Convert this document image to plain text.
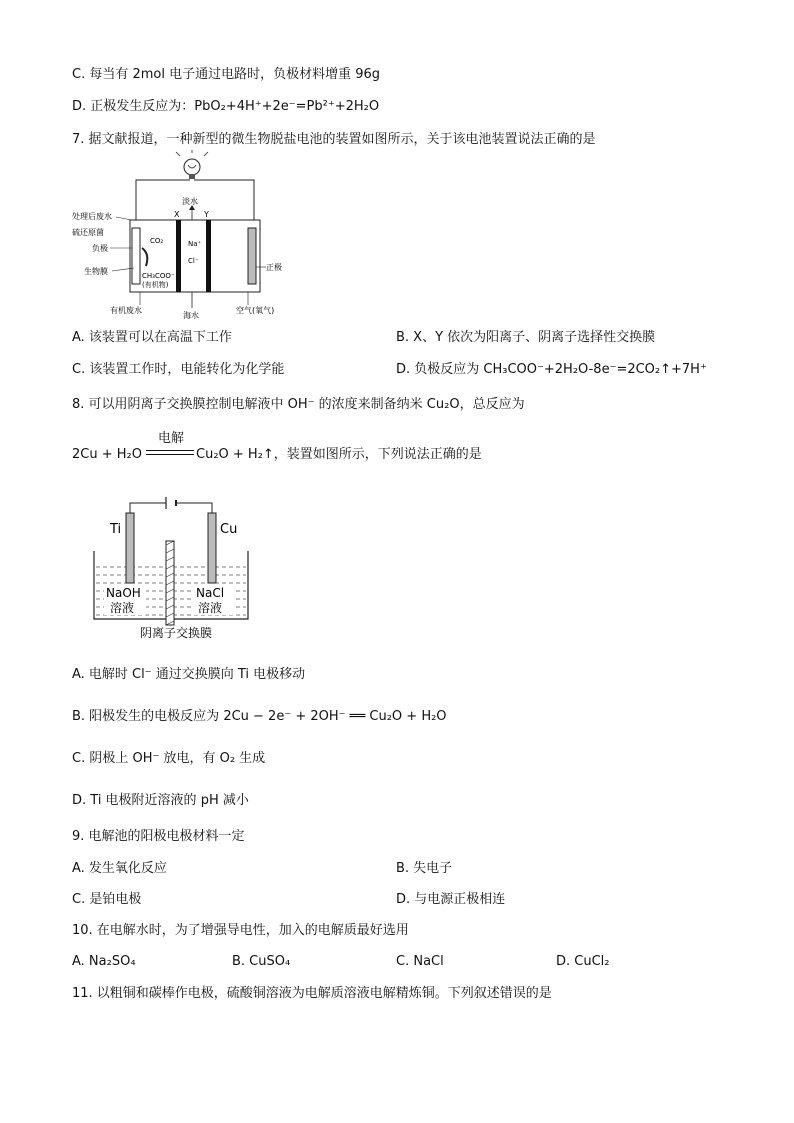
C. 每当有 2mol 电子通过电路时，负极材料增重 96g
D. 正极发生反应为：PbO₂+4H⁺+2e⁻=Pb²⁺+2H₂O
7. 据文献报道，一种新型的微生物脱盐电池的装置如图所示，关于该电池装置说法正确的是
处理后废水
硫还原菌
负极
生物膜
CO₂
CH₃COO⁻
(有机物)
淡水
X	Y
Na⁺
Cl⁻
正极
有机废水
海水
空气(氧气)
A. 该装置可以在高温下工作	B. X、Y 依次为阳离子、阴离子选择性交换膜
C. 该装置工作时，电能转化为化学能	D. 负极反应为 CH₃COO⁻+2H₂O-8e⁻=2CO₂↑+7H⁺
8. 可以用阴离子交换膜控制电解液中 OH⁻ 的浓度来制备纳米 Cu₂O，总反应为
2Cu + H₂O
电解
Cu₂O + H₂↑，装置如图所示，下列说法正确的是
Ti	Cu
NaOH
溶液
NaCl
溶液
阴离子交换膜
A. 电解时 Cl⁻ 通过交换膜向 Ti 电极移动
B. 阳极发生的电极反应为 2Cu − 2e⁻ + 2OH⁻ ══ Cu₂O + H₂O
C. 阴极上 OH⁻ 放电，有 O₂ 生成
D. Ti 电极附近溶液的 pH 减小
9. 电解池的阳极电极材料一定
A. 发生氧化反应	B. 失电子
C. 是铂电极	D. 与电源正极相连
10. 在电解水时，为了增强导电性，加入的电解质最好选用
A. Na₂SO₄	B. CuSO₄	C. NaCl	D. CuCl₂
11. 以粗铜和碳棒作电极，硫酸铜溶液为电解质溶液电解精炼铜。下列叙述错误的是
